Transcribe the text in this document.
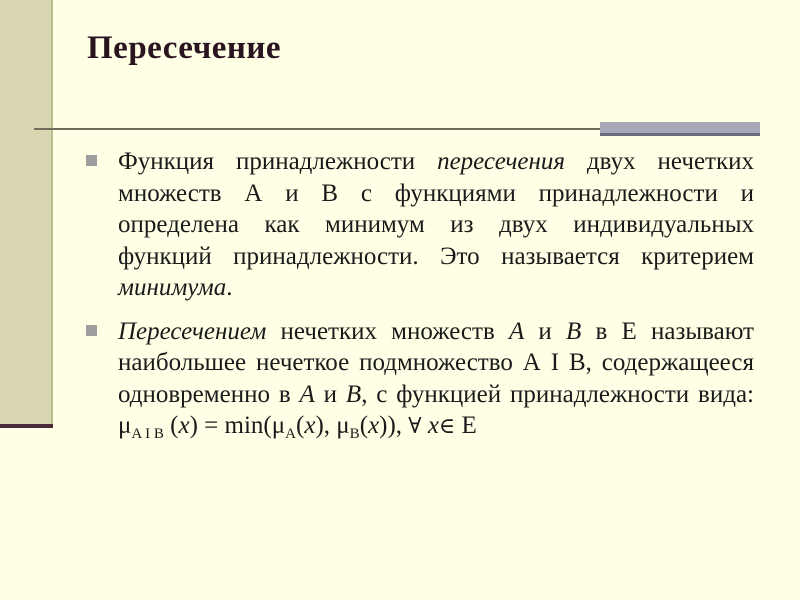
Пересечение
Функция принадлежности пересечения двух нечетких множеств А и В с функциями принадлежности и определена как минимум из двух индивидуальных функций принадлежности. Это называется критерием минимума.
Пересечением нечетких множеств A и B в Е называют наибольшее нечеткое подмножество А I В, содержащееся одновременно в A и B, с функцией принадлежности вида: $\mu_{A I B}$ $(x) = \min(\mu_A(x)$, $\mu_B(x)$), ∀ x∈ Е
